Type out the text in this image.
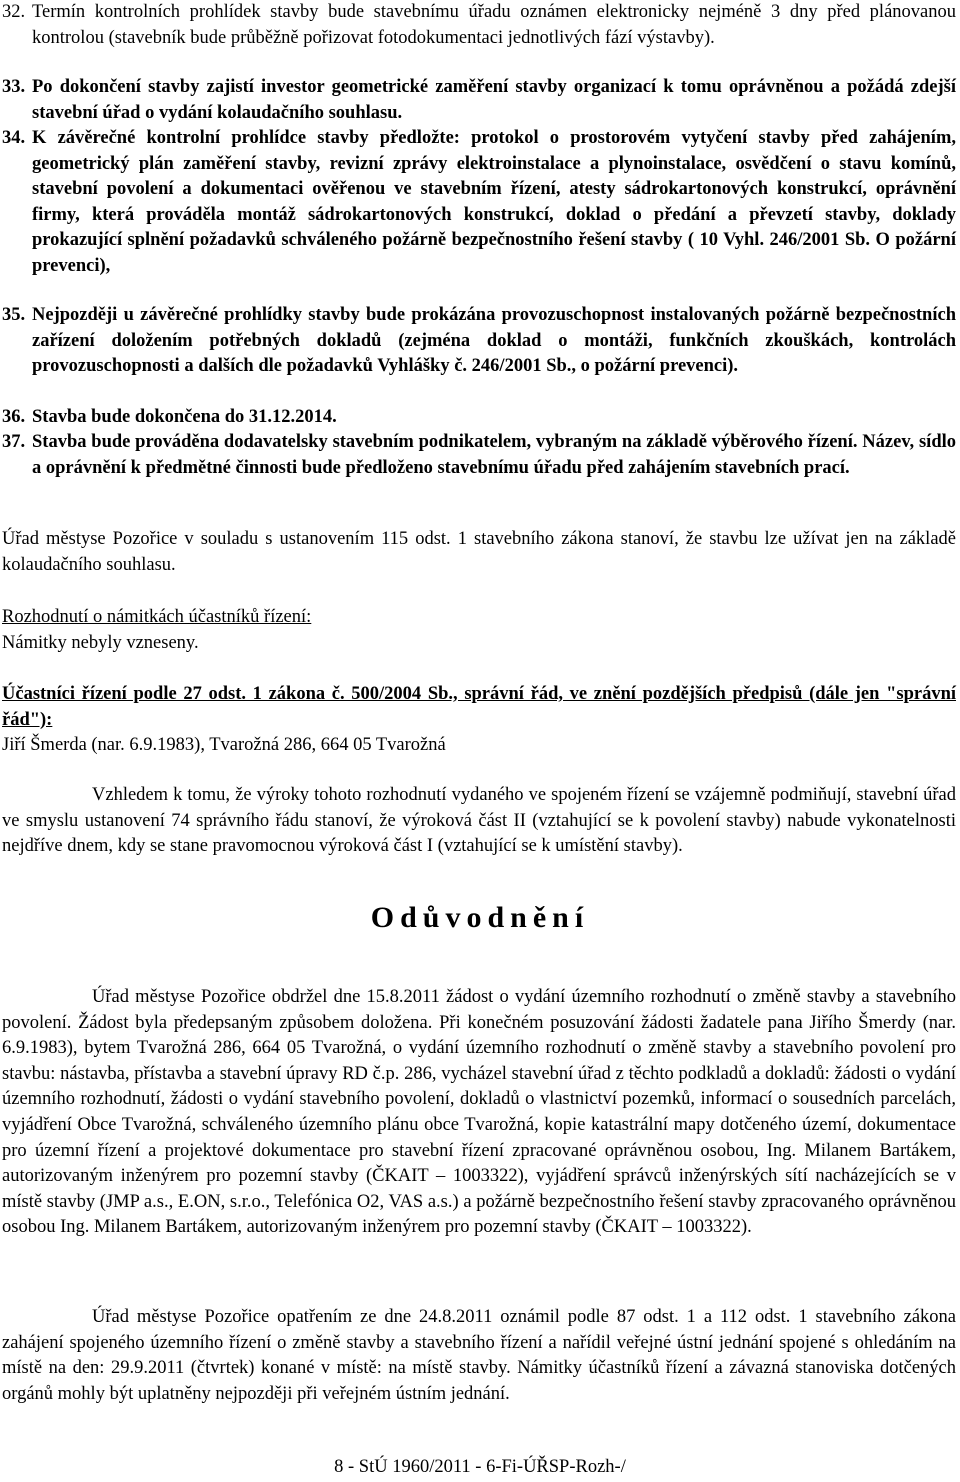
32. Termín kontrolních prohlídek stavby bude stavebnímu úřadu oznámen elektronicky nejméně 3 dny před plánovanou kontrolou (stavebník bude průběžně pořizovat fotodokumentaci jednotlivých fází výstavby).
33. Po dokončení stavby zajistí investor geometrické zaměření stavby organizací k tomu oprávněnou a požádá zdejší stavební úřad o vydání kolaudačního souhlasu.
34. K závěrečné kontrolní prohlídce stavby předložte: protokol o prostorovém vytyčení stavby před zahájením, geometrický plán zaměření stavby, revizní zprávy elektroinstalace a plynoinstalace, osvědčení o stavu komínů, stavební povolení a dokumentaci ověřenou ve stavebním řízení, atesty sádrokartonových konstrukcí, oprávnění firmy, která prováděla montáž sádrokartonových konstrukcí, doklad o předání a převzetí stavby, doklady prokazující splnění požadavků schváleného požárně bezpečnostního řešení stavby ( 10 Vyhl. 246/2001 Sb. O požární prevenci),
35. Nejpozději u závěrečné prohlídky stavby bude prokázána provozuschopnost instalovaných požárně bezpečnostních zařízení doložením potřebných dokladů (zejména doklad o montáži, funkčních zkouškách, kontrolách provozuschopnosti a dalších dle požadavků Vyhlášky č. 246/2001 Sb., o požární prevenci).
36. Stavba bude dokončena do 31.12.2014.
37. Stavba bude prováděna dodavatelsky stavebním podnikatelem, vybraným na základě výběrového řízení. Název, sídlo a oprávnění k předmětné činnosti bude předloženo stavebnímu úřadu před zahájením stavebních prací.
Úřad městyse Pozořice v souladu s ustanovením 115 odst. 1 stavebního zákona stanoví, že stavbu lze užívat jen na základě kolaudačního souhlasu.
Rozhodnutí o námitkách účastníků řízení:
Námitky nebyly vzneseny.
Účastníci řízení podle 27 odst. 1 zákona č. 500/2004 Sb., správní řád, ve znění pozdějších předpisů (dále jen "správní řád"):
Jiří Šmerda (nar. 6.9.1983), Tvarožná 286, 664 05 Tvarožná
Vzhledem k tomu, že výroky tohoto rozhodnutí vydaného ve spojeném řízení se vzájemně podmiňují, stavební úřad ve smyslu ustanovení 74 správního řádu stanoví, že výroková část II (vztahující se k povolení stavby) nabude vykonatelnosti nejdříve dnem, kdy se stane pravomocnou výroková část I (vztahující se k umístění stavby).
Odůvodnění
Úřad městyse Pozořice obdržel dne 15.8.2011 žádost o vydání územního rozhodnutí o změně stavby a stavebního povolení. Žádost byla předepsaným způsobem doložena. Při konečném posuzování žádosti žadatele pana Jiřího Šmerdy (nar. 6.9.1983), bytem Tvarožná 286, 664 05 Tvarožná, o vydání územního rozhodnutí o změně stavby a stavebního povolení pro stavbu: nástavba, přístavba a stavební úpravy RD č.p. 286, vycházel stavební úřad z těchto podkladů a dokladů: žádosti o vydání územního rozhodnutí, žádosti o vydání stavebního povolení, dokladů o vlastnictví pozemků, informací o sousedních parcelách, vyjádření Obce Tvarožná, schváleného územního plánu obce Tvarožná, kopie katastrální mapy dotčeného území, dokumentace pro územní řízení a projektové dokumentace pro stavební řízení zpracované oprávněnou osobou, Ing. Milanem Bartákem, autorizovaným inženýrem pro pozemní stavby (ČKAIT – 1003322), vyjádření správců inženýrských sítí nacházejících se v místě stavby (JMP a.s., E.ON, s.r.o., Telefónica O2, VAS a.s.) a požárně bezpečnostního řešení stavby zpracovaného oprávněnou osobou Ing. Milanem Bartákem, autorizovaným inženýrem pro pozemní stavby (ČKAIT – 1003322).
Úřad městyse Pozořice opatřením ze dne 24.8.2011 oznámil podle 87 odst. 1 a 112 odst. 1 stavebního zákona zahájení spojeného územního řízení o změně stavby a stavebního řízení a nařídil veřejné ústní jednání spojené s ohledáním na místě na den: 29.9.2011 (čtvrtek) konané v místě: na místě stavby. Námitky účastníků řízení a závazná stanoviska dotčených orgánů mohly být uplatněny nejpozději při veřejném ústním jednání.
8 - StÚ 1960/2011 - 6-Fi-ÚŘSP-Rozh-/
